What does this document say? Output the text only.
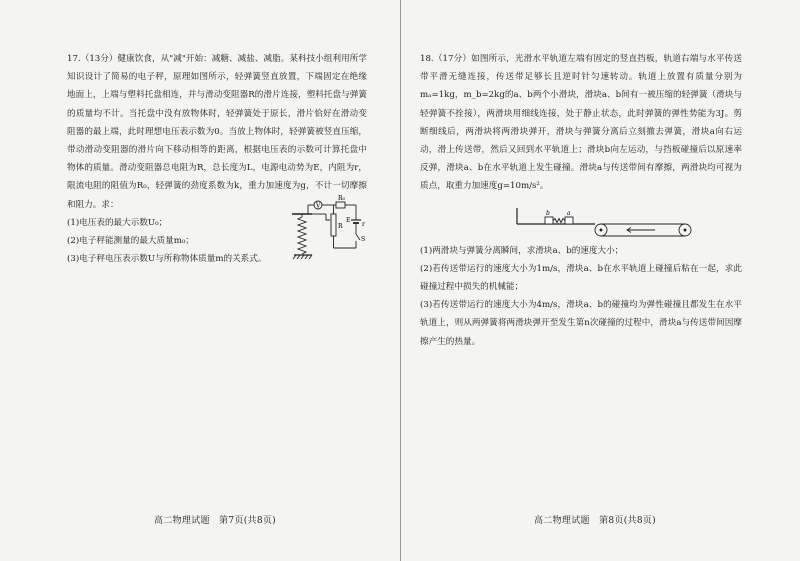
17.（13分）健康饮食，从"减"开始：减糖、减盐、减脂。某科技小组利用所学知识设计了简易的电子秤，原理如图所示，轻弹簧竖直放置，下端固定在绝缘地面上，上端与塑料托盘相连，并与滑动变阻器R的滑片连接，塑料托盘与弹簧的质量均不计。当托盘中没有放物体时，轻弹簧处于原长，滑片恰好在滑动变阻器的最上端，此时理想电压表示数为0。当放上物体时，轻弹簧被竖直压缩，带动滑动变阻器的滑片向下移动相等的距离，根据电压表的示数可计算托盘中物体的质量。滑动变阻器总电阻为R，总长度为L，电源电动势为E，内阻为r，限流电阻的阻值为R₀，轻弹簧的劲度系数为k，重力加速度为g，不计一切摩擦和阻力。求：

(1)电压表的最大示数U₀；

(2)电子秤能测量的最大质量m₀；

(3)电子秤电压表示数U与所称物体质量m的关系式。

V
R₀
R
E
r
S
高二物理试题　第7页(共8页)

18.（17分）如图所示，光滑水平轨道左端有固定的竖直挡板，轨道右端与水平传送带平滑无缝连接，传送带足够长且逆时针匀速转动。轨道上放置有质量分别为mₐ=1kg，m_b=2kg的a、b两个小滑块，滑块a、b间有一被压缩的轻弹簧（滑块与轻弹簧不拴接），两滑块用细线连接，处于静止状态，此时弹簧的弹性势能为3J。剪断细线后，两滑块将两滑块弹开，滑块与弹簧分离后立刻撤去弹簧，滑块a向右运动，滑上传送带，然后又回到水平轨道上；滑块b向左运动，与挡板碰撞后以原速率反弹，滑块a、b在水平轨道上发生碰撞。滑块a与传送带间有摩擦，两滑块均可视为质点，取重力加速度g=10m/s²。

(1)两滑块与弹簧分离瞬间，求滑块a、b的速度大小；

(2)若传送带运行的速度大小为1m/s，滑块a、b在水平轨道上碰撞后粘在一起，求此碰撞过程中损失的机械能；

(3)若传送带运行的速度大小为4m/s，滑块a、b的碰撞均为弹性碰撞且都发生在水平轨道上，则从两弹簧将两滑块弹开至发生第n次碰撞的过程中，滑块a与传送带间因摩擦产生的热量。

b	a
高二物理试题　第8页(共8页)
